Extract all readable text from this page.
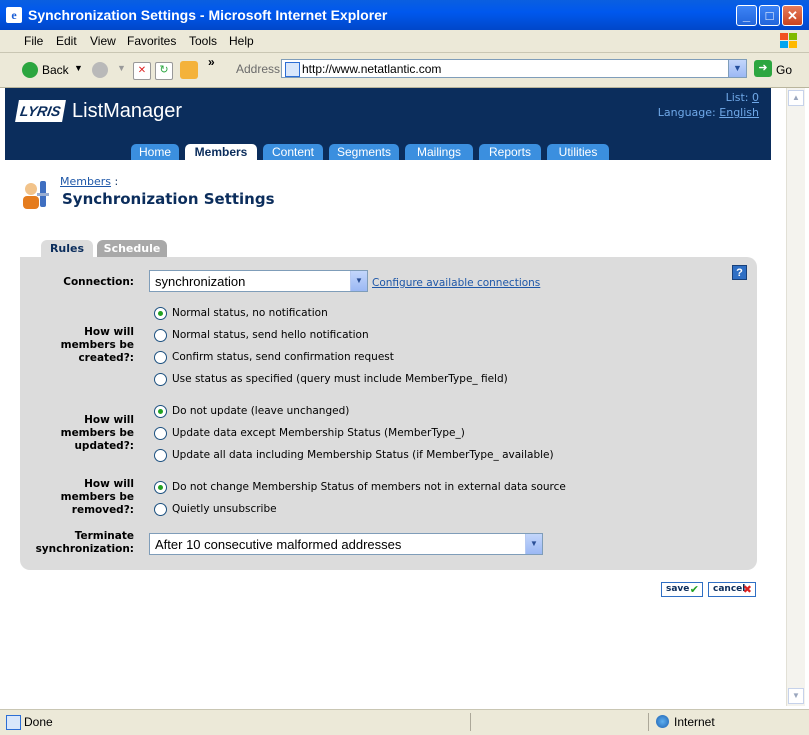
e Synchronization Settings - Microsoft Internet Explorer	_	□	✕
File Edit View Favorites Tools Help
Back ▼	▼	✕	↻
» Address http://www.netatlantic.com	▼	➜ Go
LYRIS ListManager
List: 0
Language: English
Home	Members	Content	Segments	Mailings	Reports	Utilities
Members :
Synchronization Settings
Rules	Schedule
Connection: synchronization	▼ Configure available connections
?
How will
members be
created?:
Normal status, no notification
Normal status, send hello notification
Confirm status, send confirmation request
Use status as specified (query must include MemberType_ field)
How will
members be
updated?:
Do not update (leave unchanged)
Update data except Membership Status (MemberType_)
Update all data including Membership Status (if MemberType_ available)
How will
members be
removed?:
Do not change Membership Status of members not in external data source
Quietly unsubscribe
Terminate
synchronization: After 10 consecutive malformed addresses	▼
save ✔	cancel
✖
▲
▼
Done	Internet
